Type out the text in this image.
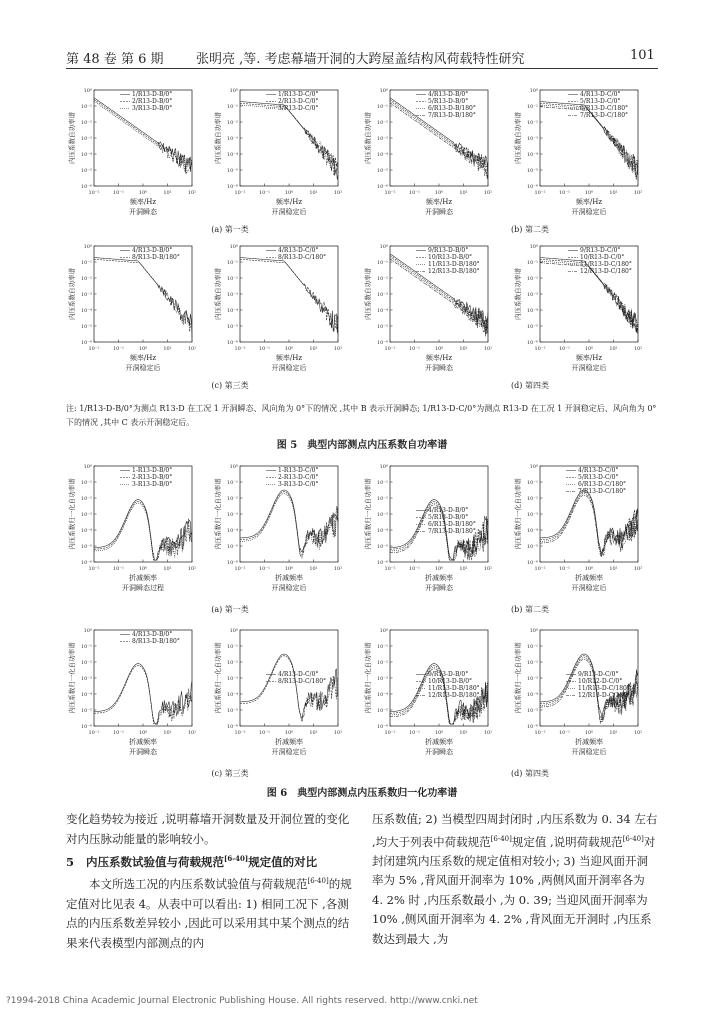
第 48 卷 第 6 期	张明亮 ,等. 考虑幕墙开洞的大跨屋盖结构风荷载特性研究	101
内压系数自功率谱
10⁰
10⁻¹
10⁻²
10⁻³
10⁻⁴
10⁻⁵
10⁻⁶
10⁻²	10⁻¹	10⁰	10¹	10²
1/R13-D-B/0°
2/R13-D-B/0°
3/R13-D-B/0°
频率/Hz
开洞瞬态
内压系数自功率谱
10⁰
10⁻¹
10⁻²
10⁻³
10⁻⁴
10⁻⁵
10⁻⁶
10⁻²	10⁻¹	10⁰	10¹	10²
1/R13-D-C/0°
2/R13-D-C/0°
3/R13-D-C/0°
频率/Hz
开洞稳定后
内压系数自功率谱
10⁰
10⁻¹
10⁻²
10⁻³
10⁻⁴
10⁻⁵
10⁻⁶
10⁻²	10⁻¹	10⁰	10¹	10²
4/R13-D-B/0°
5/R13-D-B/0°
6/R13-D-B/180°
7/R13-D-B/180°
频率/Hz
开洞瞬态
内压系数自功率谱
10⁰
10⁻¹
10⁻²
10⁻³
10⁻⁴
10⁻⁵
10⁻⁶
10⁻²	10⁻¹	10⁰	10¹	10²
4/R13-D-C/0°
5/R13-D-C/0°
6/R13-D-C/180°
7/R13-D-C/180°
频率/Hz
开洞稳定后
内压系数自功率谱
10⁰
10⁻¹
10⁻²
10⁻³
10⁻⁴
10⁻⁵
10⁻⁶
10⁻²	10⁻¹	10⁰	10¹	10²
4/R13-D-B/0°
8/R13-D-B/180°
频率/Hz
开洞稳定后
内压系数自功率谱
10⁰
10⁻¹
10⁻²
10⁻³
10⁻⁴
10⁻⁵
10⁻⁶
10⁻²	10⁻¹	10⁰	10¹	10²
4/R13-D-C/0°
8/R13-D-C/180°
频率/Hz
开洞稳定后
内压系数自功率谱
10⁰
10⁻¹
10⁻²
10⁻³
10⁻⁴
10⁻⁵
10⁻⁶
10⁻²	10⁻¹	10⁰	10¹	10²
9/R13-D-B/0°
10/R13-D-B/0°
11/R13-D-B/180°
12/R13-D-B/180°
频率/Hz
开洞瞬态
内压系数自功率谱
10⁰
10⁻¹
10⁻²
10⁻³
10⁻⁴
10⁻⁵
10⁻⁶
10⁻²	10⁻¹	10⁰	10¹	10²
9/R13-D-C/0°
10/R13-D-C/0°
11/R13-D-C/180°
12/R13-D-C/180°
频率/Hz
开洞稳定后
(a) 第一类	(b) 第二类
(c) 第三类	(d) 第四类
注: 1/R13-D-B/0°为测点 R13-D 在工况 1 开洞瞬态、风向角为 0°下的情况 ,其中 B 表示开洞瞬态; 1/R13-D-C/0°为测点 R13-D 在工况 1 开洞稳定后、风向角为 0°下的情况 ,其中 C 表示开洞稳定后。
图 5　典型内部测点内压系数自功率谱
内压系数归一化自功率谱
10⁰
10⁻¹
10⁻²
10⁻³
10⁻⁴
10⁻⁵
10⁻⁶
10⁻²	10⁻¹	10⁰	10¹	10²
1-R13-D-B/0°
2-R13-D-B/0°
3-R13-D-B/0°
折减频率
开洞瞬态过程
内压系数归一化自功率谱
10⁰
10⁻¹
10⁻²
10⁻³
10⁻⁴
10⁻⁵
10⁻⁶
10⁻²	10⁻¹	10⁰	10¹	10²
1-R13-D-C/0°
2-R13-D-C/0°
3-R13-D-C/0°
折减频率
开洞稳定后
内压系数归一化自功率谱
10⁰
10⁻¹
10⁻²
10⁻³
10⁻⁴
10⁻⁵
10⁻⁶
10⁻²	10⁻¹	10⁰	10¹	10²
4/R13-D-B/0°
5/R13-D-B/0°
6/R13-D-B/180°
7/R13-D-B/180°
折减频率
开洞瞬态
内压系数归一化自功率谱
10⁰
10⁻¹
10⁻²
10⁻³
10⁻⁴
10⁻⁵
10⁻⁶
10⁻²	10⁻¹	10⁰	10¹	10²
4/R13-D-C/0°
5/R13-D-C/0°
6/R13-D-C/180°
7/R13-D-C/180°
折减频率
开洞稳定后
内压系数归一化自功率谱
10⁰
10⁻¹
10⁻²
10⁻³
10⁻⁴
10⁻⁵
10⁻⁶
10⁻²	10⁻¹	10⁰	10¹	10²
4/R13-D-B/0°
8/R13-D-B/180°
折减频率
开洞瞬态
内压系数归一化自功率谱
10⁰
10⁻¹
10⁻²
10⁻³
10⁻⁴
10⁻⁵
10⁻⁶
10⁻²	10⁻¹	10⁰	10¹	10²
4/R13-D-C/0°
8/R13-D-C/180°
折减频率
开洞稳定后
内压系数归一化自功率谱
10⁰
10⁻¹
10⁻²
10⁻³
10⁻⁴
10⁻⁵
10⁻⁶
10⁻²	10⁻¹	10⁰	10¹	10²
9/R13-D-B/0°
10/R13-D-B/0°
11/R13-D-B/180°
12/R13-D-B/180°
折减频率
开洞瞬态
内压系数归一化自功率谱
10⁰
10⁻¹
10⁻²
10⁻³
10⁻⁴
10⁻⁵
10⁻⁶
10⁻²	10⁻¹	10⁰	10¹	10²
9/R13-D-C/0°
10/R12-D-C/0°
11/R13-D-C/180°
12/R13-D-C/180°
折减频率
开洞稳定后
(a) 第一类	(b) 第二类
(c) 第三类	(d) 第四类
图 6　典型内部测点内压系数归一化功率谱

变化趋势较为接近 ,说明幕墙开洞数量及开洞位置的变化对内压脉动能量的影响较小。

5 内压系数试验值与荷载规范[6-40]规定值的对比

本文所选工况的内压系数试验值与荷载规范[6-40]的规定值对比见表 4。从表中可以看出: 1) 相同工况下 ,各测点的内压系数差异较小 ,因此可以采用其中某个测点的结果来代表模型内部测点的内

压系数值; 2) 当模型四周封闭时 ,内压系数为 0. 34 左右 ,均大于列表中荷载规范[6-40]规定值 ,说明荷载规范[6-40]对封闭建筑内压系数的规定值相对较小; 3) 当迎风面开洞率为 5% ,背风面开洞率为 10% ,两侧风面开洞率各为 4. 2% 时 ,内压系数最小 ,为 0. 39; 当迎风面开洞率为 10% ,侧风面开洞率为 4. 2% ,背风面无开洞时 ,内压系数达到最大 ,为

?1994-2018 China Academic Journal Electronic Publishing House. All rights reserved. http://www.cnki.net
